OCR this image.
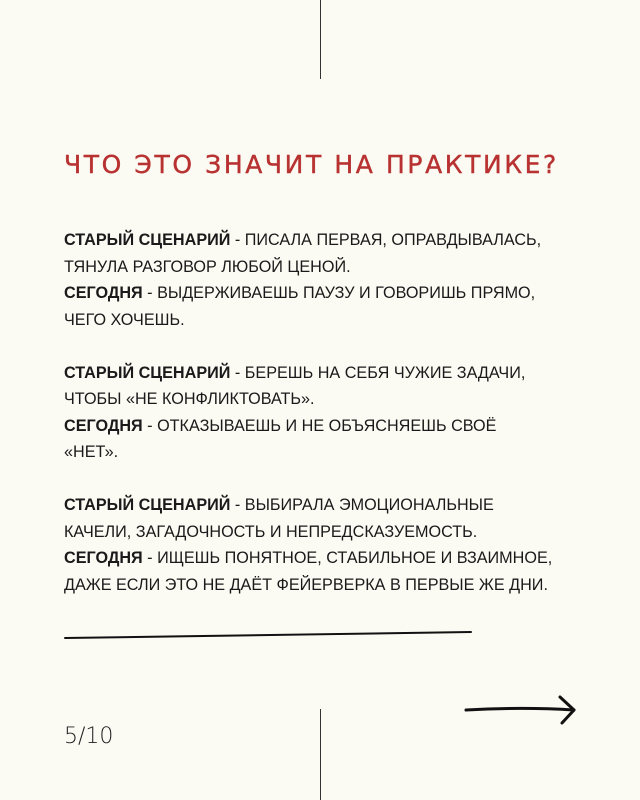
ЧТО ЭТО ЗНАЧИТ НА ПРАКТИКЕ?
СТАРЫЙ СЦЕНАРИЙ - ПИСАЛА ПЕРВАЯ, ОПРАВДЫВАЛАСЬ,
ТЯНУЛА РАЗГОВОР ЛЮБОЙ ЦЕНОЙ.
СЕГОДНЯ - ВЫДЕРЖИВАЕШЬ ПАУЗУ И ГОВОРИШЬ ПРЯМО,
ЧЕГО ХОЧЕШЬ.
СТАРЫЙ СЦЕНАРИЙ - БЕРЕШЬ НА СЕБЯ ЧУЖИЕ ЗАДАЧИ,
ЧТОБЫ «НЕ КОНФЛИКТОВАТЬ».
СЕГОДНЯ - ОТКАЗЫВАЕШЬ И НЕ ОБЪЯСНЯЕШЬ СВОЁ
«НЕТ».
СТАРЫЙ СЦЕНАРИЙ - ВЫБИРАЛА ЭМОЦИОНАЛЬНЫЕ
КАЧЕЛИ, ЗАГАДОЧНОСТЬ И НЕПРЕДСКАЗУЕМОСТЬ.
СЕГОДНЯ - ИЩЕШЬ ПОНЯТНОЕ, СТАБИЛЬНОЕ И ВЗАИМНОЕ,
ДАЖЕ ЕСЛИ ЭТО НЕ ДАЁТ ФЕЙЕРВЕРКА В ПЕРВЫЕ ЖЕ ДНИ.
5/10
